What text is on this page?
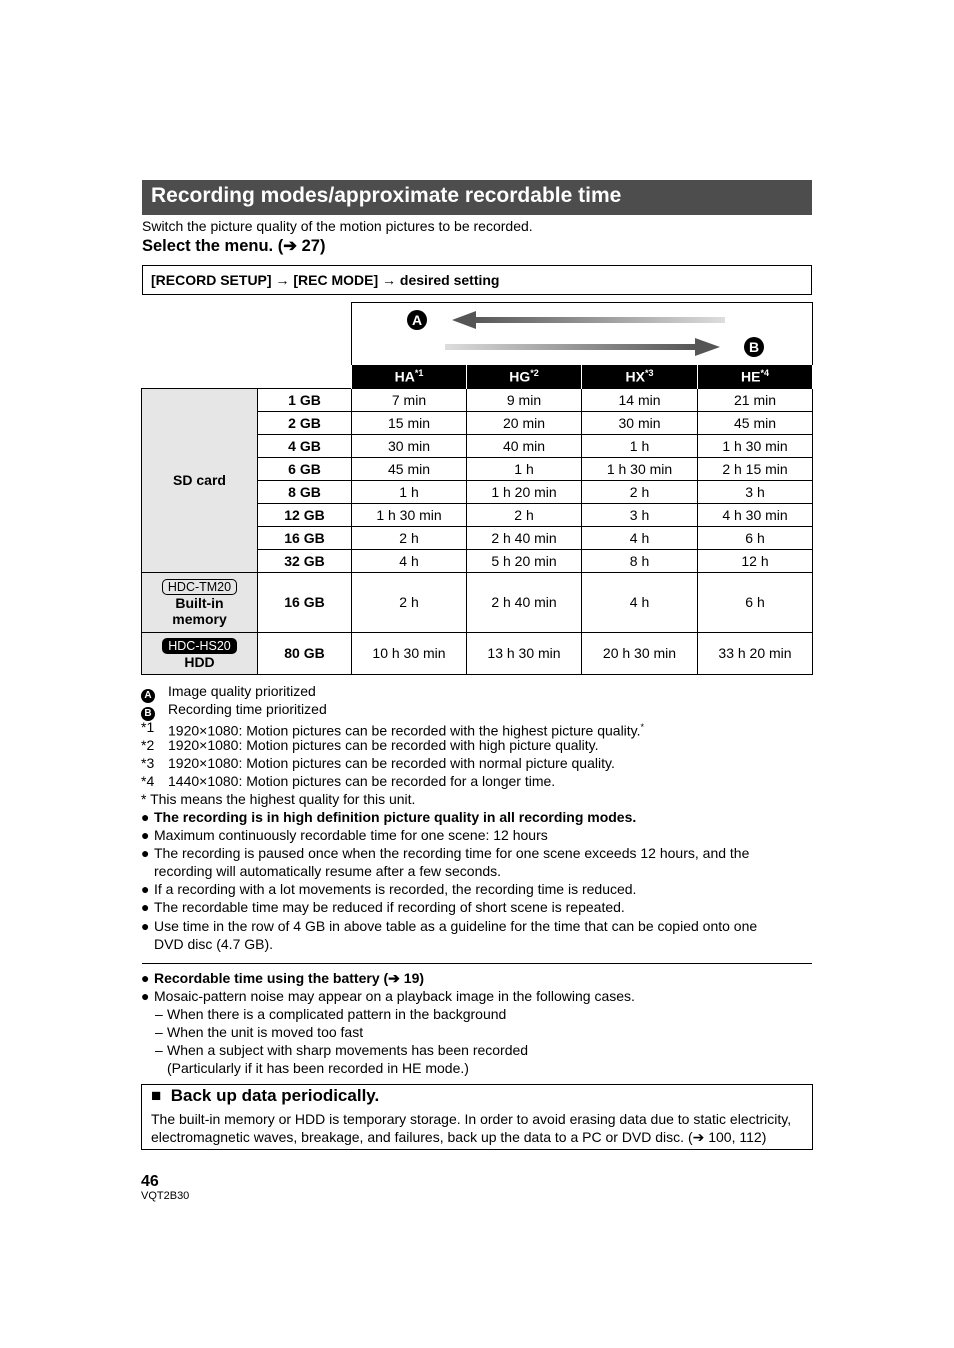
Recording modes/approximate recordable time
Switch the picture quality of the motion pictures to be recorded.
Select the menu. (➔ 27)
[RECORD SETUP] → [REC MODE] → desired setting
A
B
		HA$^{*1}$	HG$^{*2}$	HX$^{*3}$	HE$^{*4}$
SD card	1 GB	7 min	9 min	14 min	21 min
	2 GB	15 min	20 min	30 min	45 min
	4 GB	30 min	40 min	1 h	1 h 30 min
	6 GB	45 min	1 h	1 h 30 min	2 h 15 min
	8 GB	1 h	1 h 20 min	2 h	3 h
	12 GB	1 h 30 min	2 h	3 h	4 h 30 min
	16 GB	2 h	2 h 40 min	4 h	6 h
	32 GB	4 h	5 h 20 min	8 h	12 h
HDC-TM20
Built-in
memory	16 GB	2 h	2 h 40 min	4 h	6 h
HDC-HS20
HDD	80 GB	10 h 30 min	13 h 30 min	20 h 30 min	33 h 20 min
A Image quality prioritized
B Recording time prioritized
*1 1920×1080: Motion pictures can be recorded with the highest picture quality.*
*2 1920×1080: Motion pictures can be recorded with high picture quality.
*3 1920×1080: Motion pictures can be recorded with normal picture quality.
*4 1440×1080: Motion pictures can be recorded for a longer time.
* This means the highest quality for this unit.
● The recording is in high definition picture quality in all recording modes.
● Maximum continuously recordable time for one scene: 12 hours
● The recording is paused once when the recording time for one scene exceeds 12 hours, and the
recording will automatically resume after a few seconds.
● If a recording with a lot movements is recorded, the recording time is reduced.
● The recordable time may be reduced if recording of short scene is repeated.
● Use time in the row of 4 GB in above table as a guideline for the time that can be copied onto one
DVD disc (4.7 GB).
● Recordable time using the battery (➔ 19)
● Mosaic-pattern noise may appear on a playback image in the following cases.
– When there is a complicated pattern in the background
– When the unit is moved too fast
– When a subject with sharp movements has been recorded
(Particularly if it has been recorded in HE mode.)
■ Back up data periodically.
The built-in memory or HDD is temporary storage. In order to avoid erasing data due to static electricity,
electromagnetic waves, breakage, and failures, back up the data to a PC or DVD disc. (➔ 100, 112)
46
VQT2B30
